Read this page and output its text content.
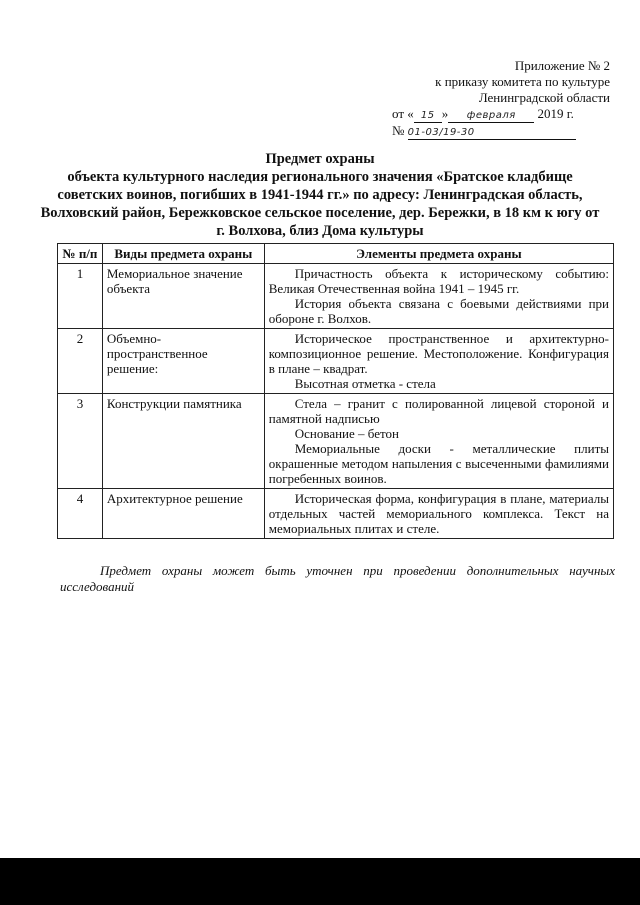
Приложение № 2
к приказу комитета по культуре
Ленинградской области
от « 15 » февраля 2019 г.
№ 01-03/19-30
Предмет охраны
объекта культурного наследия регионального значения «Братское кладбище советских воинов, погибших в 1941-1944 гг.» по адресу: Ленинградская область, Волховский район, Бережковское сельское поселение, дер. Бережки, в 18 км к югу от г. Волхова, близ Дома культуры
№ п/п	Виды предмета охраны	Элементы предмета охраны
1	Мемориальное значение объекта	Причастность объекта к историческому событию: Великая Отечественная война 1941 – 1945 гг.

История объекта связана с боевыми действиями при обороне г. Волхов.

2	Объемно-пространственное решение:	Историческое пространственное и архитектурно-композиционное решение. Местоположение. Конфигурация в плане – квадрат.

Высотная отметка - стела

3	Конструкции памятника	Стела – гранит с полированной лицевой стороной и памятной надписью

Основание – бетон

Мемориальные доски - металлические плиты окрашенные методом напыления с высеченными фамилиями погребенных воинов.

4	Архитектурное решение	Историческая форма, конфигурация в плане, материалы отдельных частей мемориального комплекса. Текст на мемориальных плитах и стеле.

Предмет охраны может быть уточнен при проведении дополнительных научных исследований
